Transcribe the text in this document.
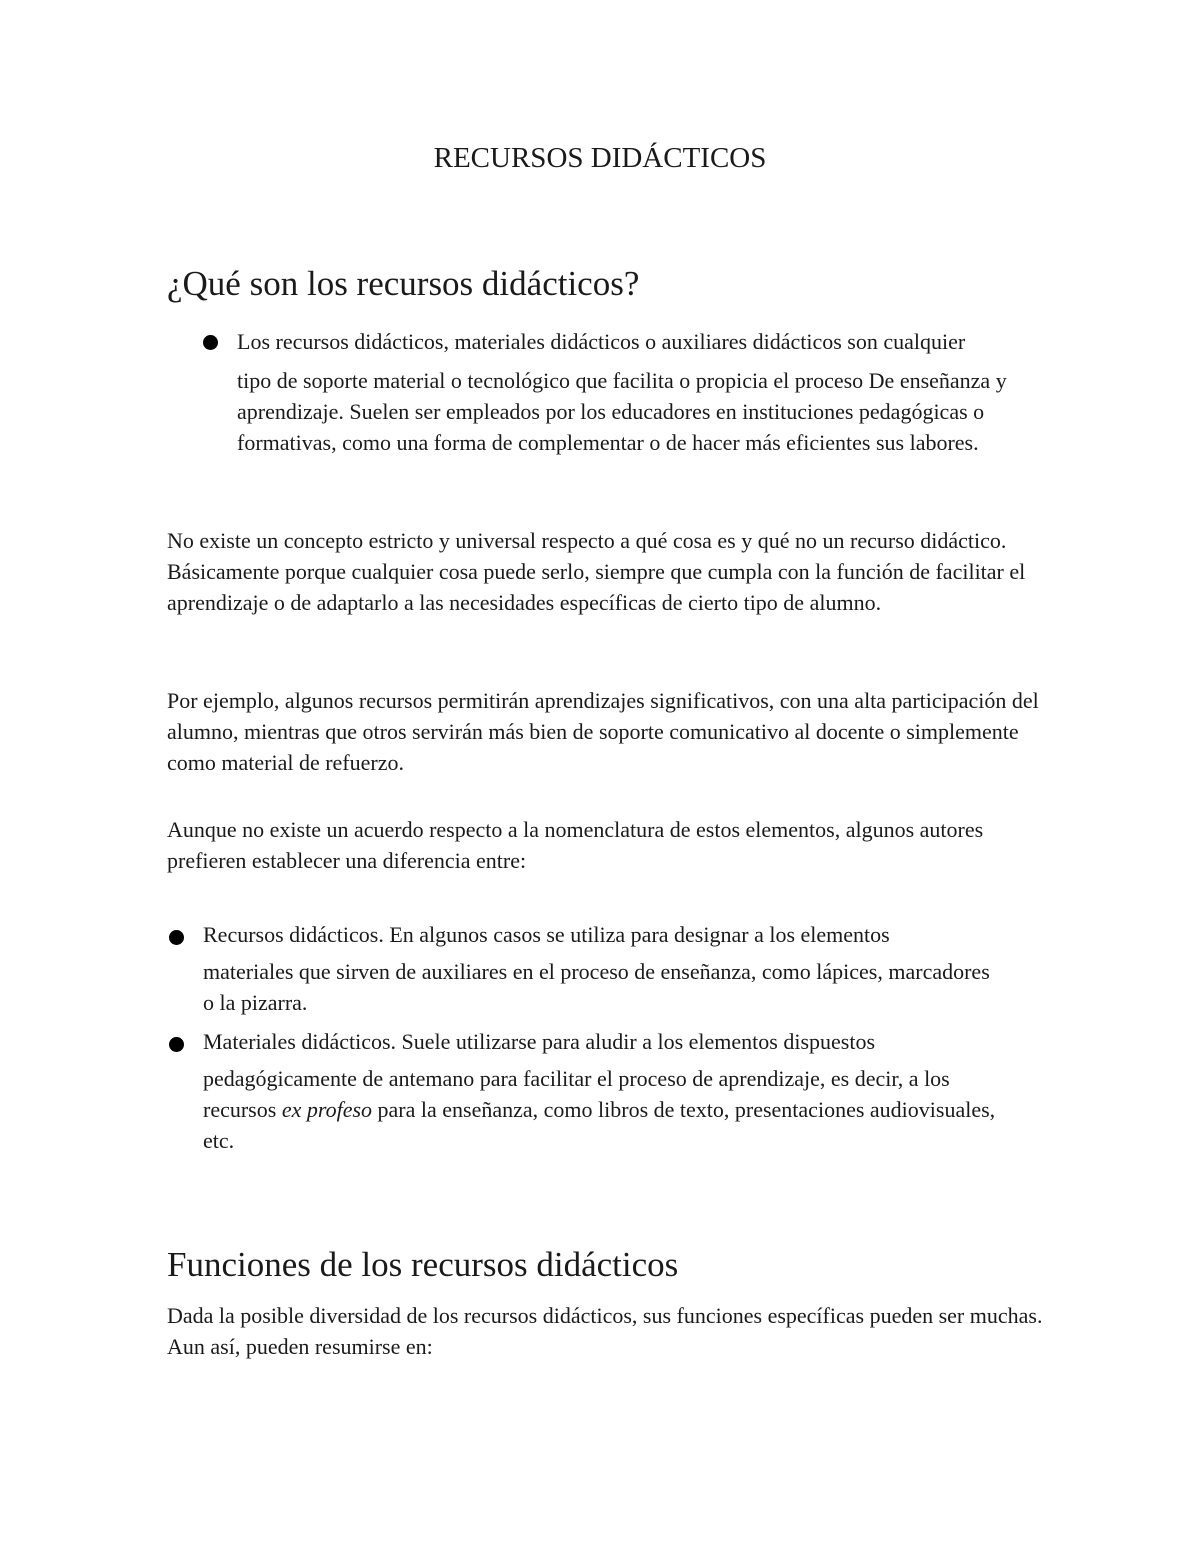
RECURSOS DIDÁCTICOS
¿Qué son los recursos didácticos?

Los recursos didácticos, materiales didácticos o auxiliares didácticos son cualquier

tipo de soporte material o tecnológico que facilita o propicia el proceso De enseñanza y aprendizaje. Suelen ser empleados por los educadores en instituciones pedagógicas o formativas, como una forma de complementar o de hacer más eficientes sus labores.

No existe un concepto estricto y universal respecto a qué cosa es y qué no un recurso didáctico. Básicamente porque cualquier cosa puede serlo, siempre que cumpla con la función de facilitar el aprendizaje o de adaptarlo a las necesidades específicas de cierto tipo de alumno.
Por ejemplo, algunos recursos permitirán aprendizajes significativos, con una alta participación del alumno, mientras que otros servirán más bien de soporte comunicativo al docente o simplemente como material de refuerzo.
Aunque no existe un acuerdo respecto a la nomenclatura de estos elementos, algunos autores prefieren establecer una diferencia entre:

Recursos didácticos. En algunos casos se utiliza para designar a los elementos

materiales que sirven de auxiliares en el proceso de enseñanza, como lápices, marcadores o la pizarra.

Materiales didácticos. Suele utilizarse para aludir a los elementos dispuestos

pedagógicamente de antemano para facilitar el proceso de aprendizaje, es decir, a los recursos ex profeso para la enseñanza, como libros de texto, presentaciones audiovisuales, etc.

Funciones de los recursos didácticos
Dada la posible diversidad de los recursos didácticos, sus funciones específicas pueden ser muchas. Aun así, pueden resumirse en:
